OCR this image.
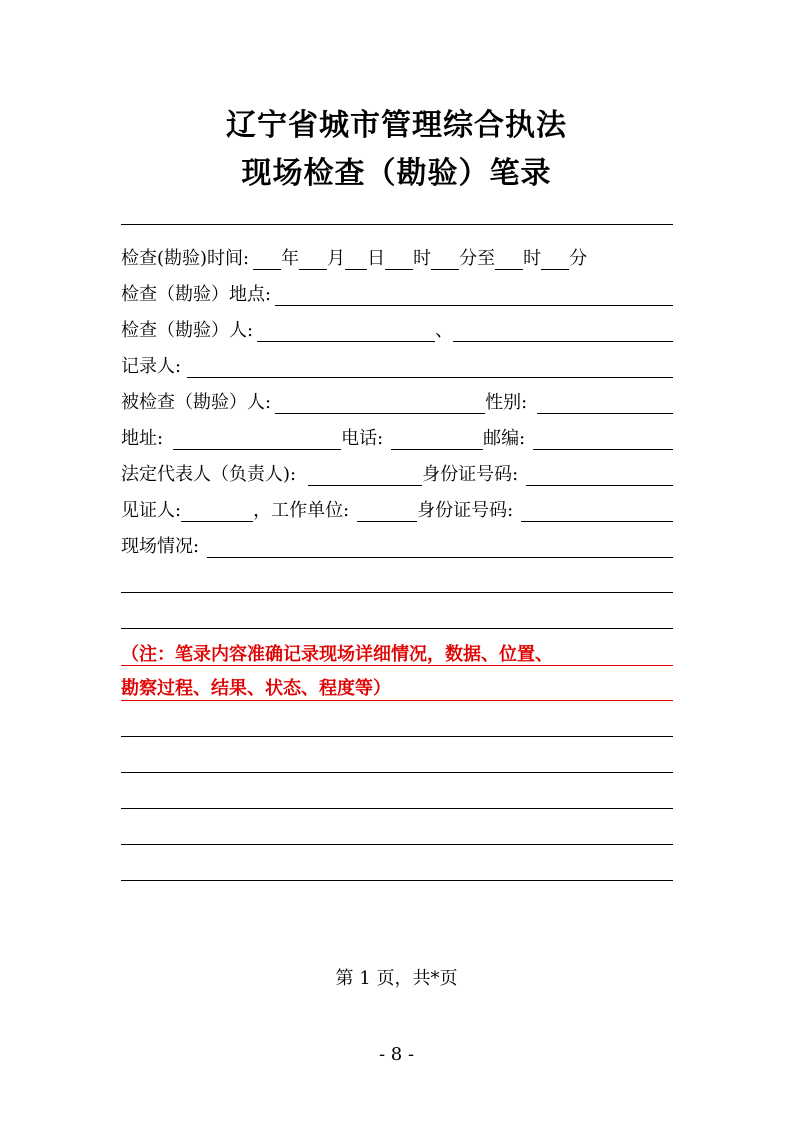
辽宁省城市管理综合执法
现场检查（勘验）笔录
检查(勘验)时间: 年 月 日 时 分至 时 分
检查（勘验）地点:
检查（勘验）人:	、
记录人:
被检查（勘验）人:	性别:
地址:	电话:	邮编:
法定代表人（负责人):	身份证号码:
见证人:	，工作单位:	身份证号码:
现场情况:
（注：笔录内容准确记录现场详细情况，数据、位置、
勘察过程、结果、状态、程度等）
第 1 页，共*页
- 8 -
